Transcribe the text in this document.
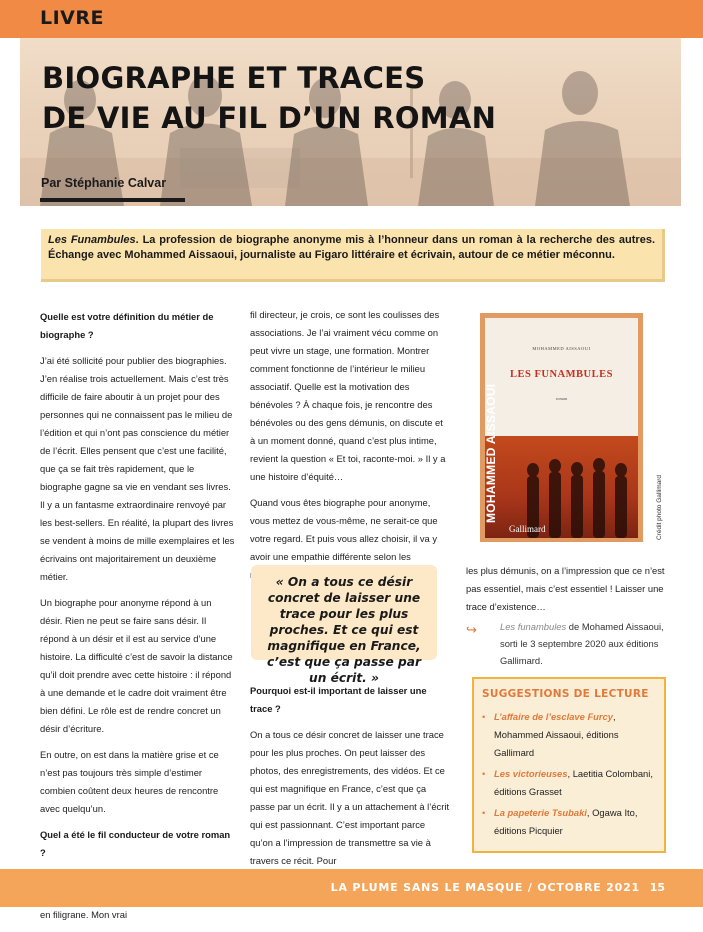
LIVRE
BIOGRAPHE ET TRACES
DE VIE AU FIL D’UN ROMAN
Par Stéphanie Calvar
Les Funambules. La profession de biographe anonyme mis à l’honneur dans un roman à la recherche des autres. Échange avec Mohammed Aissaoui, journaliste au Figaro littéraire et écrivain, autour de ce métier méconnu.

Quelle est votre définition du métier de biographe ?

J’ai été sollicité pour publier des biographies. J’en réalise trois actuellement. Mais c’est très difficile de faire aboutir à un projet pour des personnes qui ne connaissent pas le milieu de l’édition et qui n’ont pas conscience du métier de l’écrit. Elles pensent que c’est une facilité, que ça se fait très rapidement, que le biographe gagne sa vie en vendant ses livres. Il y a un fantasme extraordinaire renvoyé par les best-sellers. En réalité, la plupart des livres se vendent à moins de mille exemplaires et les écrivains ont majoritairement un deuxième métier.

Un biographe pour anonyme répond à un désir. Rien ne peut se faire sans désir. Il répond à un désir et il est au service d’une histoire. La difficulté c’est de savoir la distance qu’il doit prendre avec cette histoire : il répond à une demande et le cadre doit vraiment être bien défini. Le rôle est de rendre concret un désir d’écriture.

En outre, on est dans la matière grise et ce n’est pas toujours très simple d’estimer combien coûtent deux heures de rencontre avec quelqu’un.

Quel a été le fil conducteur de votre roman ?

en filigrane. Mon vrai

fil directeur, je crois, ce sont les coulisses des associations. Je l’ai vraiment vécu comme on peut vivre un stage, une formation. Montrer comment fonctionne de l’intérieur le milieu associatif. Quelle est la motivation des bénévoles ? À chaque fois, je rencontre des bénévoles ou des gens démunis, on discute et à un moment donné, quand c’est plus intime, revient la question « Et toi, raconte-moi. » Il y a une histoire d’équité…

Quand vous êtes biographe pour anonyme, vous mettez de vous-même, ne serait-ce que votre regard. Et puis vous allez choisir, il va y avoir une empathie différente selon les

« On a tous ce désir concret de laisser une trace pour les plus proches. Et ce qui est magnifique en France, c’est que ça passe par un écrit. »

Pourquoi est-il important de laisser une trace ?

On a tous ce désir concret de laisser une trace pour les plus proches. On peut laisser des photos, des enregistrements, des vidéos. Et ce qui est magnifique en France, c’est que ça passe par un écrit. Il y a un attachement à l’écrit qui est passionnant. C’est important parce qu’on a l’impression de transmettre sa vie à travers ce récit. Pour

MOHAMMED AISSAOUI
LES FUNAMBULES
roman
MOHAMMED AISSAOUI
Gallimard	Crédit photo Gallimard

les plus démunis, on a l’impression que ce n’est pas essentiel, mais c’est essentiel ! Laisser une trace d’existence…

↪	Les funambules de Mohamed Aissaoui, sorti le 3 septembre 2020 aux éditions Gallimard.
SUGGESTIONS DE LECTURE
• L’affaire de l’esclave Furcy, Mohammed Aissaoui, éditions Gallimard
• Les victorieuses, Laetitia Colombani, éditions Grasset
• La papeterie Tsubaki, Ogawa Ito, éditions Picquier
LA PLUME SANS LE MASQUE / OCTOBRE 2021 15
